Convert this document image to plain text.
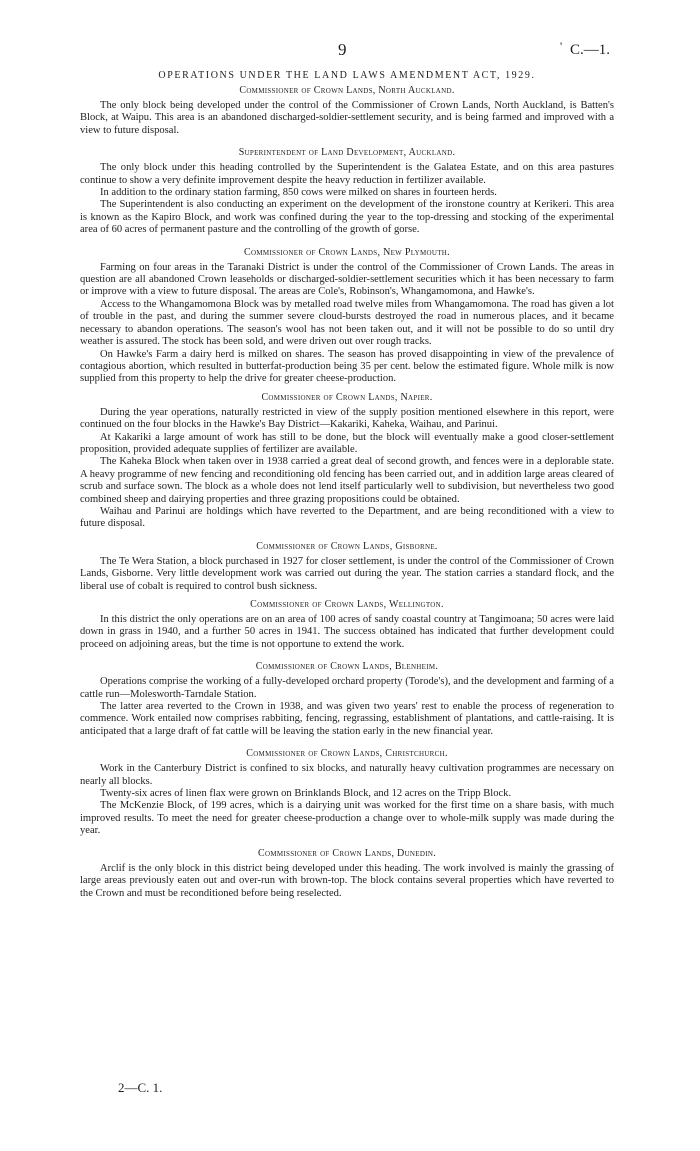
9	' C.—1.
OPERATIONS UNDER THE LAND LAWS AMENDMENT ACT, 1929.
Commissioner of Crown Lands, North Auckland.

The only block being developed under the control of the Commissioner of Crown Lands, North Auckland, is Batten's Block, at Waipu. This area is an abandoned discharged-soldier-settlement security, and is being farmed and improved with a view to future disposal.

Superintendent of Land Development, Auckland.

The only block under this heading controlled by the Superintendent is the Galatea Estate, and on this area pastures continue to show a very definite improvement despite the heavy reduction in fertilizer available.

In addition to the ordinary station farming, 850 cows were milked on shares in fourteen herds.

The Superintendent is also conducting an experiment on the development of the ironstone country at Kerikeri. This area is known as the Kapiro Block, and work was confined during the year to the top-dressing and stocking of the experimental area of 60 acres of permanent pasture and the controlling of the growth of gorse.

Commissioner of Crown Lands, New Plymouth.

Farming on four areas in the Taranaki District is under the control of the Commissioner of Crown Lands. The areas in question are all abandoned Crown leaseholds or discharged-soldier-settlement securities which it has been necessary to farm or improve with a view to future disposal. The areas are Cole's, Robinson's, Whangamomona, and Hawke's.

Access to the Whangamomona Block was by metalled road twelve miles from Whangamomona. The road has given a lot of trouble in the past, and during the summer severe cloud-bursts destroyed the road in numerous places, and it became necessary to abandon operations. The season's wool has not been taken out, and it will not be possible to do so until dry weather is assured. The stock has been sold, and were driven out over rough tracks.

On Hawke's Farm a dairy herd is milked on shares. The season has proved disappointing in view of the prevalence of contagious abortion, which resulted in butterfat-production being 35 per cent. below the estimated figure. Whole milk is now supplied from this property to help the drive for greater cheese-production.

Commissioner of Crown Lands, Napier.

During the year operations, naturally restricted in view of the supply position mentioned elsewhere in this report, were continued on the four blocks in the Hawke's Bay District—Kakariki, Kaheka, Waihau, and Parinui.

At Kakariki a large amount of work has still to be done, but the block will eventually make a good closer-settlement proposition, provided adequate supplies of fertilizer are available.

The Kaheka Block when taken over in 1938 carried a great deal of second growth, and fences were in a deplorable state. A heavy programme of new fencing and reconditioning old fencing has been carried out, and in addition large areas cleared of scrub and surface sown. The block as a whole does not lend itself particularly well to subdivision, but nevertheless two good combined sheep and dairying properties and three grazing propositions could be obtained.

Waihau and Parinui are holdings which have reverted to the Department, and are being reconditioned with a view to future disposal.

Commissioner of Crown Lands, Gisborne.

The Te Wera Station, a block purchased in 1927 for closer settlement, is under the control of the Commissioner of Crown Lands, Gisborne. Very little development work was carried out during the year. The station carries a standard flock, and the liberal use of cobalt is required to control bush sickness.

Commissioner of Crown Lands, Wellington.

In this district the only operations are on an area of 100 acres of sandy coastal country at Tangimoana; 50 acres were laid down in grass in 1940, and a further 50 acres in 1941. The success obtained has indicated that further development could proceed on adjoining areas, but the time is not opportune to extend the work.

Commissioner of Crown Lands, Blenheim.

Operations comprise the working of a fully-developed orchard property (Torode's), and the development and farming of a cattle run—Molesworth-Tarndale Station.

The latter area reverted to the Crown in 1938, and was given two years' rest to enable the process of regeneration to commence. Work entailed now comprises rabbiting, fencing, regrassing, establishment of plantations, and cattle-raising. It is anticipated that a large draft of fat cattle will be leaving the station early in the new financial year.

Commissioner of Crown Lands, Christchurch.

Work in the Canterbury District is confined to six blocks, and naturally heavy cultivation programmes are necessary on nearly all blocks.

Twenty-six acres of linen flax were grown on Brinklands Block, and 12 acres on the Tripp Block.

The McKenzie Block, of 199 acres, which is a dairying unit was worked for the first time on a share basis, with much improved results. To meet the need for greater cheese-production a change over to whole-milk supply was made during the year.

Commissioner of Crown Lands, Dunedin.

Arclif is the only block in this district being developed under this heading. The work involved is mainly the grassing of large areas previously eaten out and over-run with brown-top. The block contains several properties which have reverted to the Crown and must be reconditioned before being reselected.

2—C. 1.
